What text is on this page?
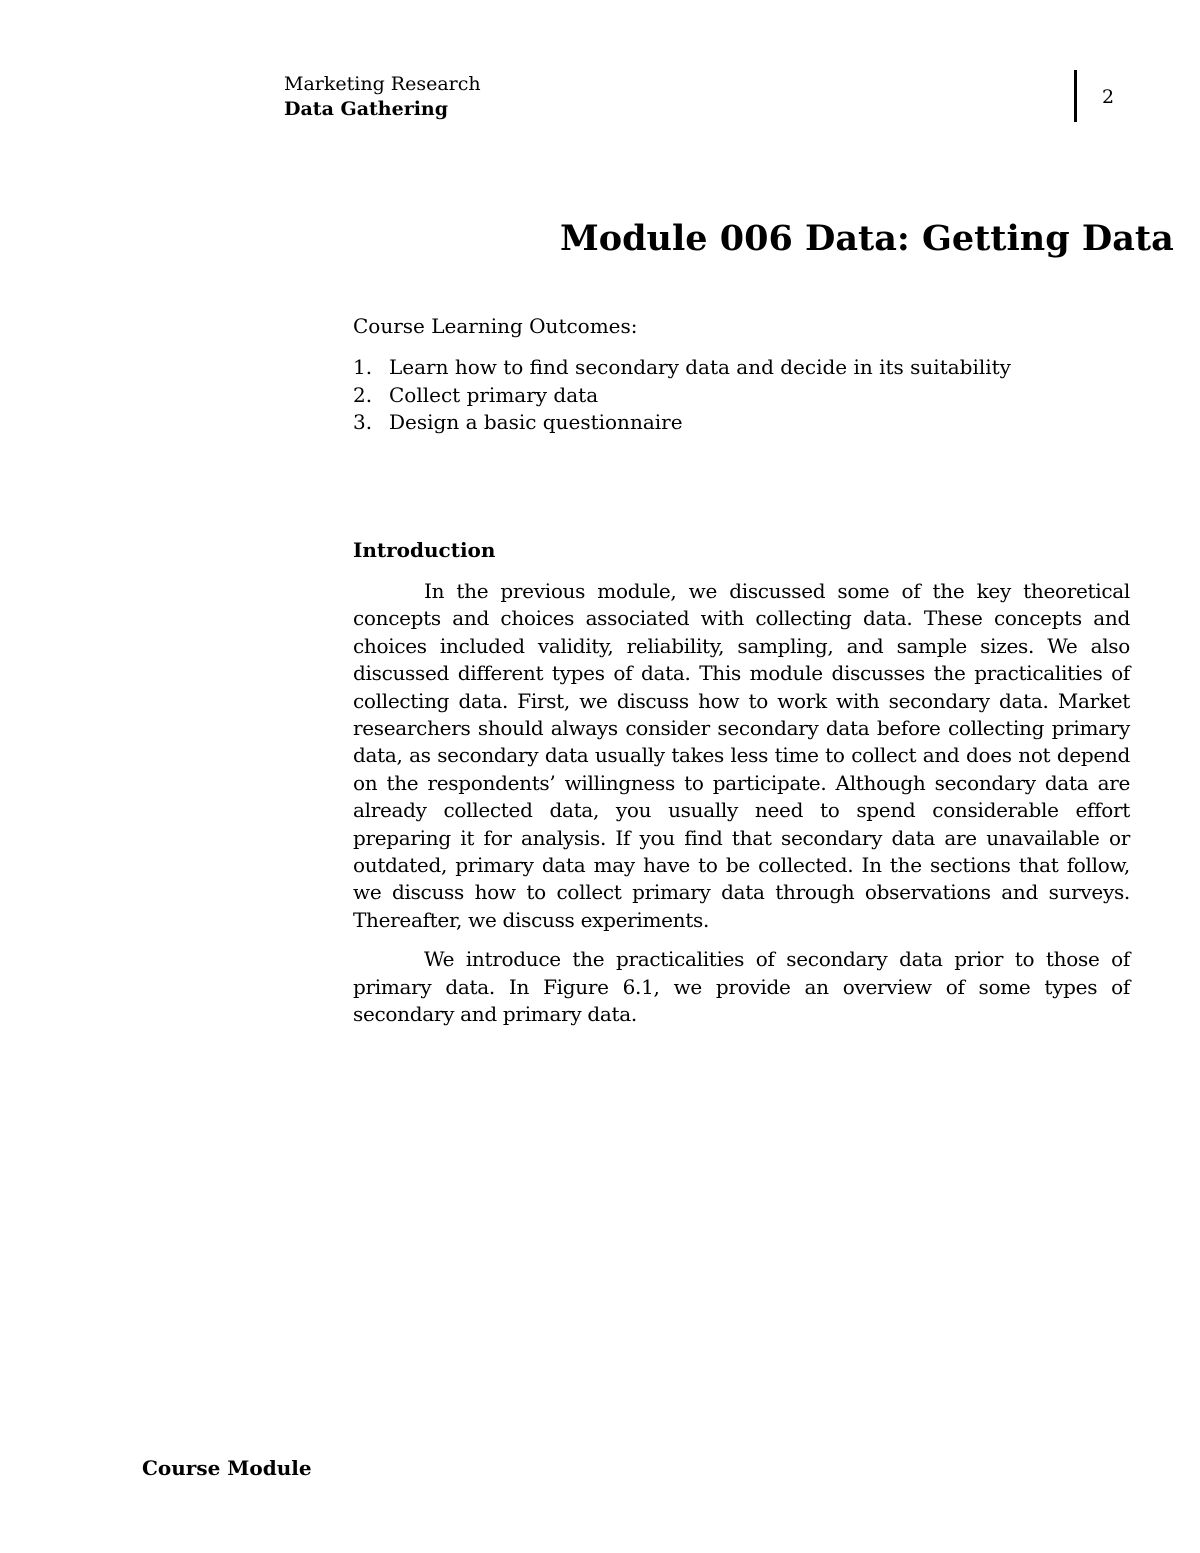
Marketing Research
Data Gathering
2
Module 006 Data: Getting Data
Course Learning Outcomes:
1. Learn how to find secondary data and decide in its suitability
2. Collect primary data
3. Design a basic questionnaire
Introduction

In the previous module, we discussed some of the key theoretical concepts and choices associated with collecting data. These concepts and choices included validity, reliability, sampling, and sample sizes. We also discussed different types of data. This module discusses the practicalities of collecting data. First, we discuss how to work with secondary data. Market researchers should always consider secondary data before collecting primary data, as secondary data usually takes less time to collect and does not depend on the respondents’ willingness to participate. Although secondary data are already collected data, you usually need to spend considerable effort preparing it for analysis. If you find that secondary data are unavailable or outdated, primary data may have to be collected. In the sections that follow, we discuss how to collect primary data through observations and surveys. Thereafter, we discuss experiments.

We introduce the practicalities of secondary data prior to those of primary data. In Figure 6.1, we provide an overview of some types of secondary and primary data.

Course Module
